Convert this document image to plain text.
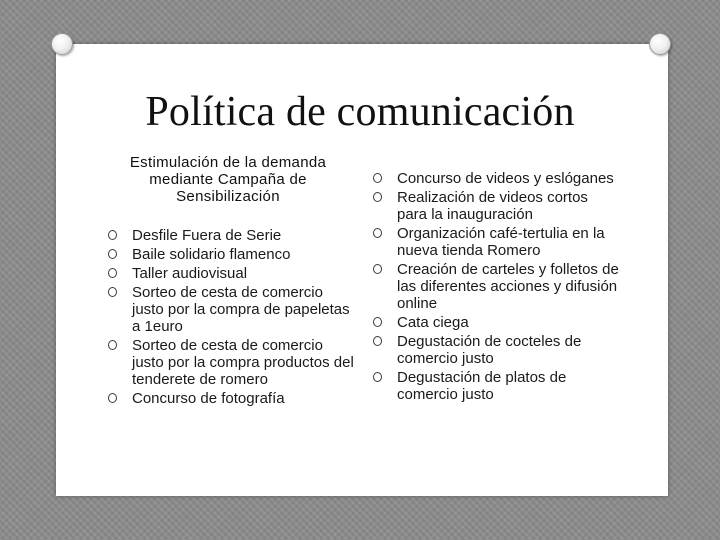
Política de comunicación
Estimulación de la demanda mediante Campaña de Sensibilización
Desfile Fuera de Serie
Baile solidario flamenco
Taller audiovisual
Sorteo de cesta de comercio justo por la compra de papeletas a 1euro
Sorteo de cesta de comercio justo por la compra productos del tenderete de romero
Concurso de fotografía
Concurso de videos y eslóganes
Realización de videos cortos para la inauguración
Organización café-tertulia en la nueva tienda Romero
Creación de carteles y folletos de las diferentes acciones y difusión online
Cata ciega
Degustación de cocteles de comercio justo
Degustación de platos de comercio justo
